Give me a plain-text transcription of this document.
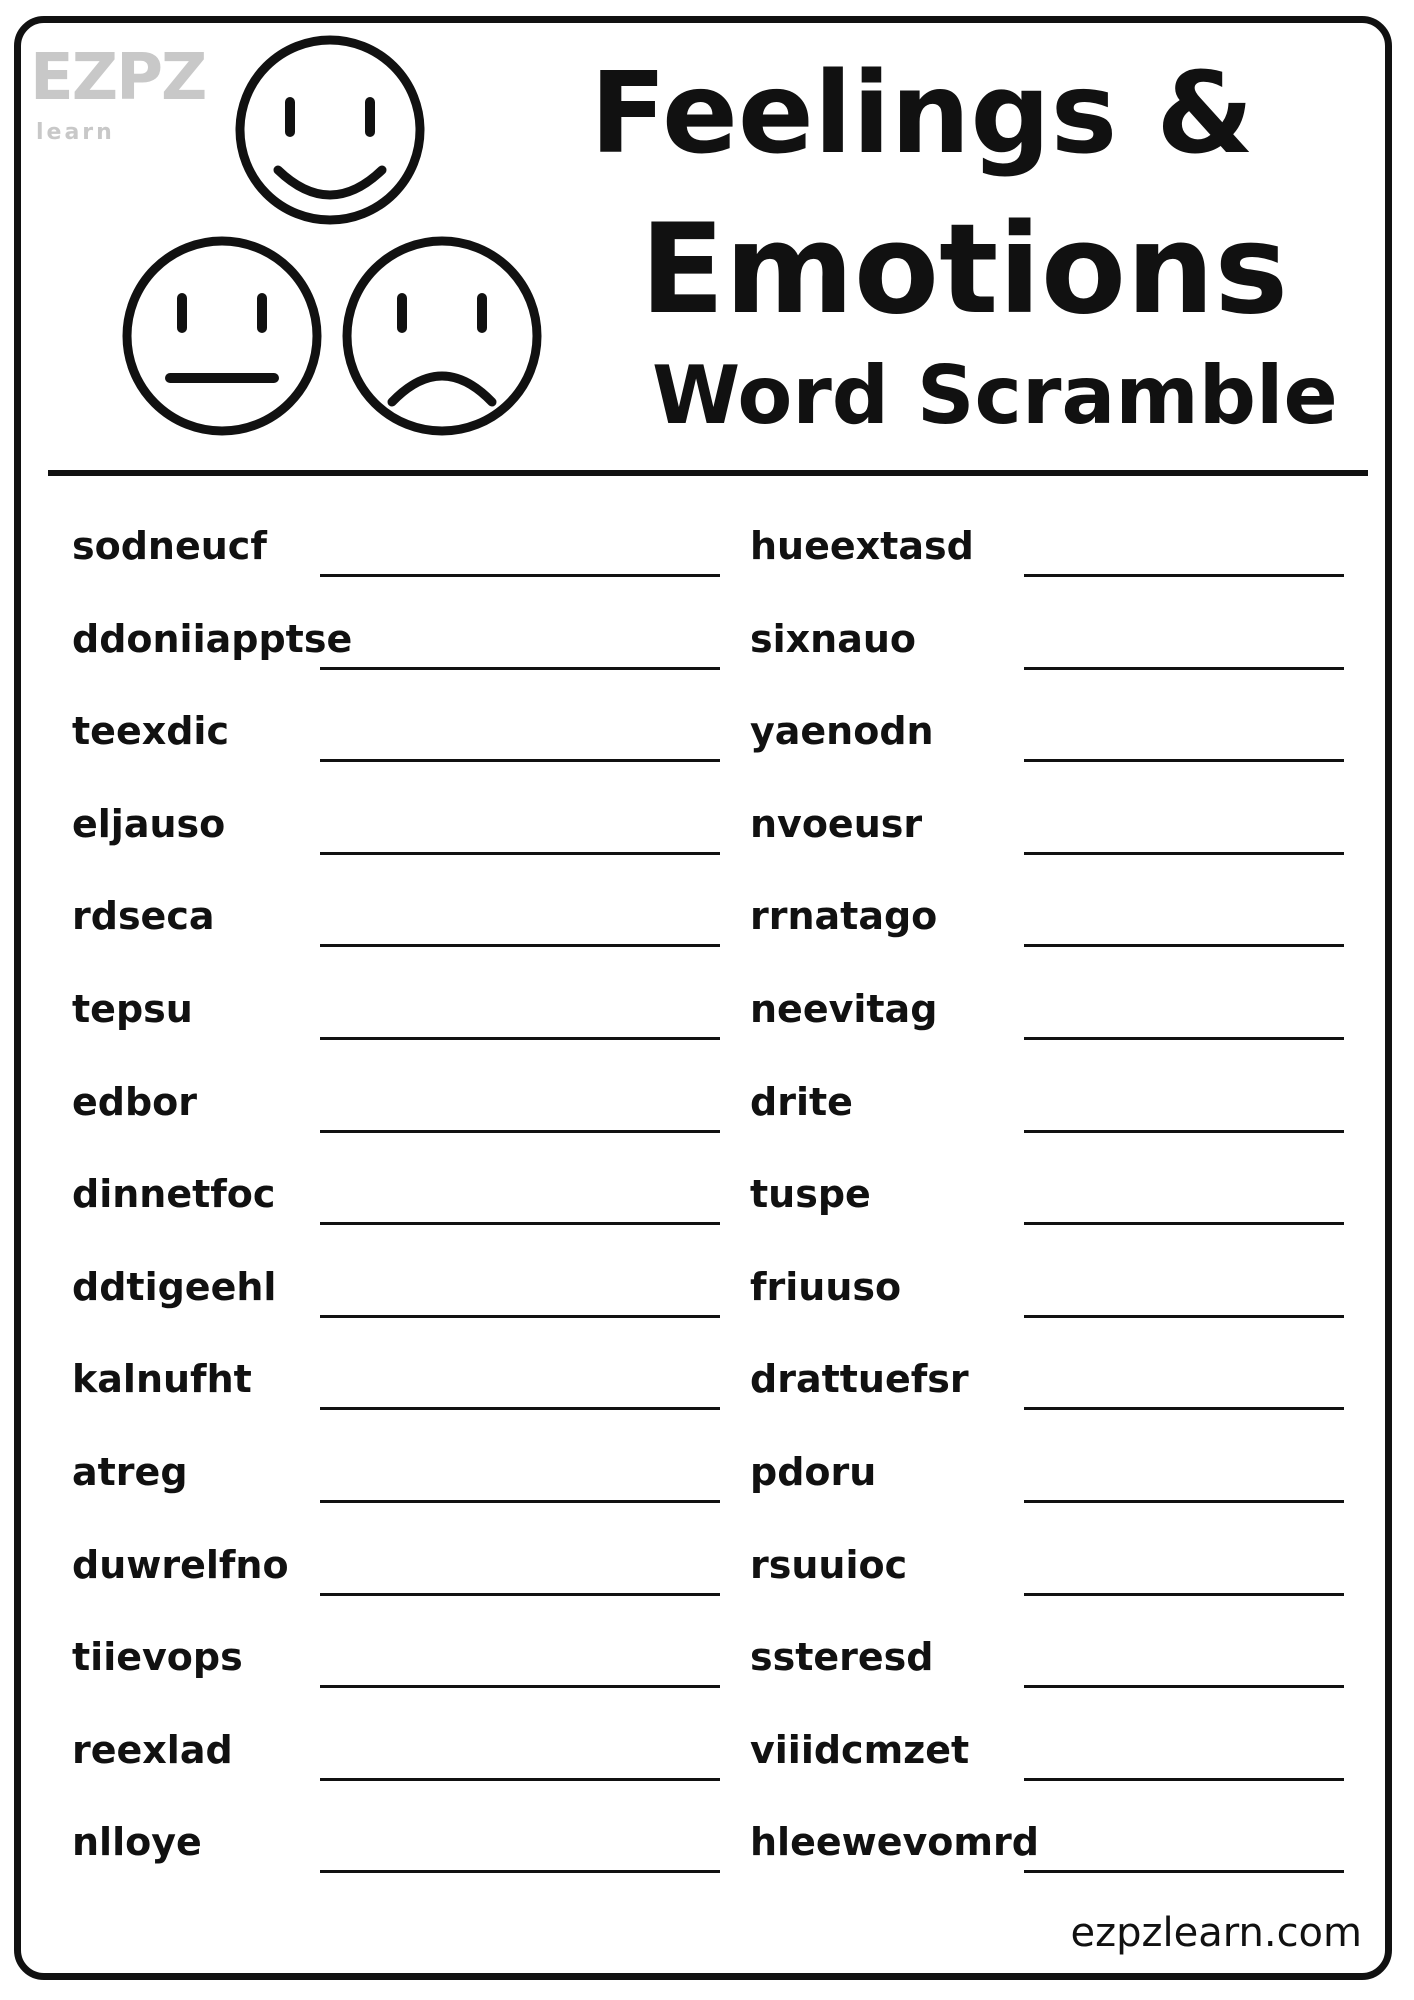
EZPZ
learn	Feelings &
Emotions
Word Scramble
sodneucf
ddoniiapptse
teexdic
eljauso
rdseca
tepsu
edbor
dinnetfoc
ddtigeehl
kalnufht
atreg
duwrelfno
tiievops
reexlad
nlloye
hueextasd
sixnauo
yaenodn
nvoeusr
rrnatago
neevitag
drite
tuspe
friuuso
drattuefsr
pdoru
rsuuioc
ssteresd
viiidcmzet
hleewevomrd
ezpzlearn.com
